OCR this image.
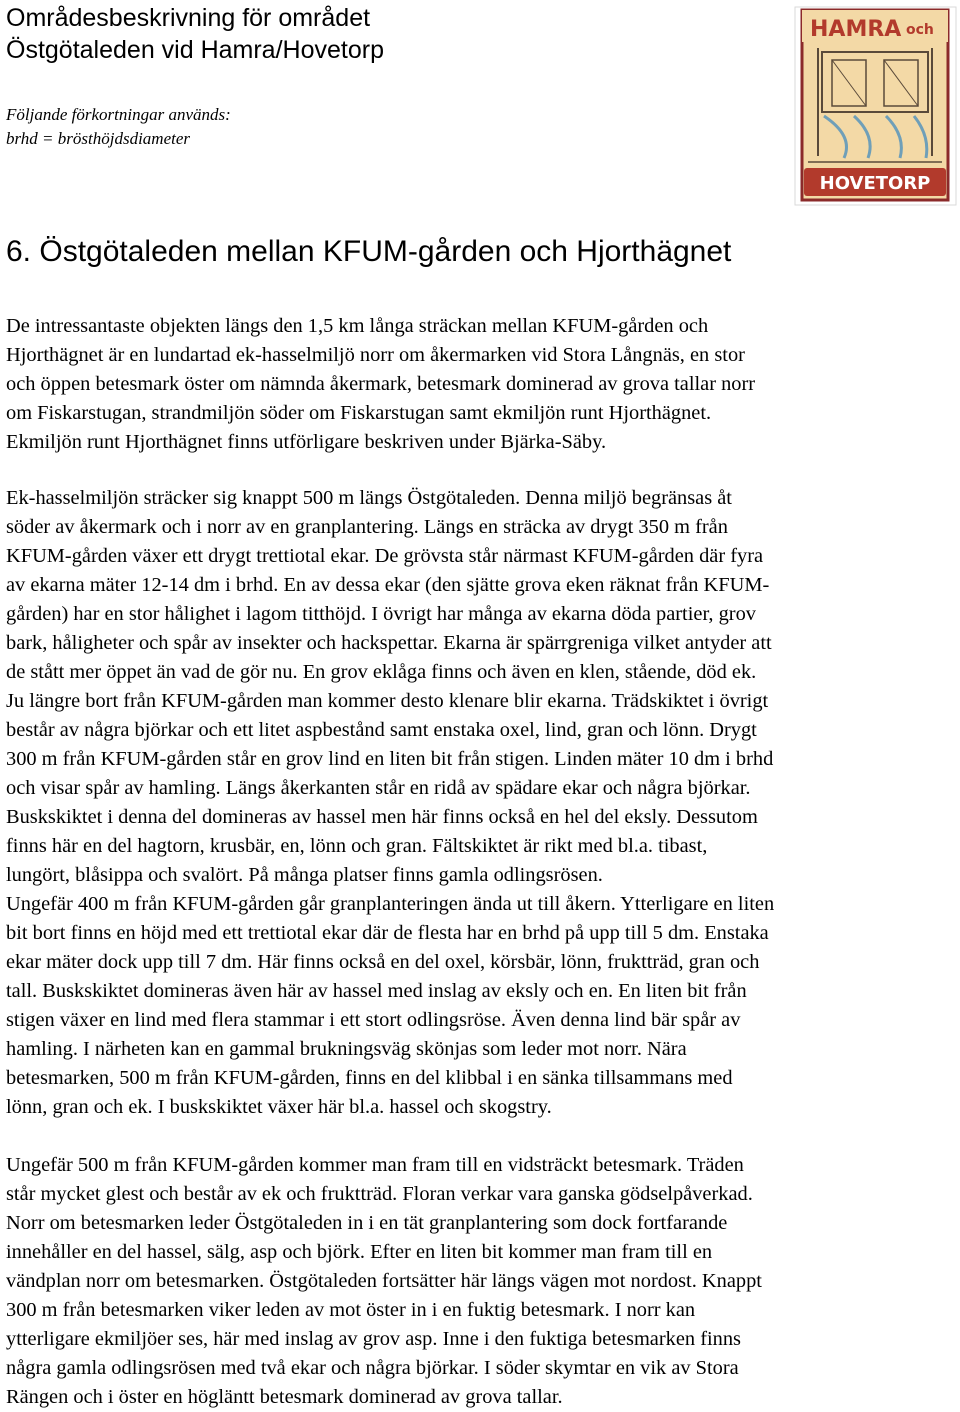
Områdesbeskrivning för området
Östgötaleden vid Hamra/Hovetorp
Följande förkortningar används:
brhd = brösthöjdsdiameter
HAMRA och
HOVETORP
6. Östgötaleden mellan KFUM-gården och Hjorthägnet
De intressantaste objekten längs den 1,5 km långa sträckan mellan KFUM-gården och
Hjorthägnet är en lundartad ek-hasselmiljö norr om åkermarken vid Stora Långnäs, en stor
och öppen betesmark öster om nämnda åkermark, betesmark dominerad av grova tallar norr
om Fiskarstugan, strandmiljön söder om Fiskarstugan samt ekmiljön runt Hjorthägnet.
Ekmiljön runt Hjorthägnet finns utförligare beskriven under Bjärka-Säby.
Ek-hasselmiljön sträcker sig knappt 500 m längs Östgötaleden. Denna miljö begränsas åt
söder av åkermark och i norr av en granplantering. Längs en sträcka av drygt 350 m från
KFUM-gården växer ett drygt trettiotal ekar. De grövsta står närmast KFUM-gården där fyra
av ekarna mäter 12-14 dm i brhd. En av dessa ekar (den sjätte grova eken räknat från KFUM-
gården) har en stor hålighet i lagom titthöjd. I övrigt har många av ekarna döda partier, grov
bark, håligheter och spår av insekter och hackspettar. Ekarna är spärrgreniga vilket antyder att
de stått mer öppet än vad de gör nu. En grov eklåga finns och även en klen, stående, död ek.
Ju längre bort från KFUM-gården man kommer desto klenare blir ekarna. Trädskiktet i övrigt
består av några björkar och ett litet aspbestånd samt enstaka oxel, lind, gran och lönn. Drygt
300 m från KFUM-gården står en grov lind en liten bit från stigen. Linden mäter 10 dm i brhd
och visar spår av hamling. Längs åkerkanten står en ridå av spädare ekar och några björkar.
Buskskiktet i denna del domineras av hassel men här finns också en hel del eksly. Dessutom
finns här en del hagtorn, krusbär, en, lönn och gran. Fältskiktet är rikt med bl.a. tibast,
lungört, blåsippa och svalört. På många platser finns gamla odlingsrösen.
Ungefär 400 m från KFUM-gården går granplanteringen ända ut till åkern. Ytterligare en liten
bit bort finns en höjd med ett trettiotal ekar där de flesta har en brhd på upp till 5 dm. Enstaka
ekar mäter dock upp till 7 dm. Här finns också en del oxel, körsbär, lönn, fruktträd, gran och
tall. Buskskiktet domineras även här av hassel med inslag av eksly och en. En liten bit från
stigen växer en lind med flera stammar i ett stort odlingsröse. Även denna lind bär spår av
hamling. I närheten kan en gammal brukningsväg skönjas som leder mot norr. Nära
betesmarken, 500 m från KFUM-gården, finns en del klibbal i en sänka tillsammans med
lönn, gran och ek. I buskskiktet växer här bl.a. hassel och skogstry.
Ungefär 500 m från KFUM-gården kommer man fram till en vidsträckt betesmark. Träden
står mycket glest och består av ek och fruktträd. Floran verkar vara ganska gödselpåverkad.
Norr om betesmarken leder Östgötaleden in i en tät granplantering som dock fortfarande
innehåller en del hassel, sälg, asp och björk. Efter en liten bit kommer man fram till en
vändplan norr om betesmarken. Östgötaleden fortsätter här längs vägen mot nordost. Knappt
300 m från betesmarken viker leden av mot öster in i en fuktig betesmark. I norr kan
ytterligare ekmiljöer ses, här med inslag av grov asp. Inne i den fuktiga betesmarken finns
några gamla odlingsrösen med två ekar och några björkar. I söder skymtar en vik av Stora
Rängen och i öster en högläntt betesmark dominerad av grova tallar.
